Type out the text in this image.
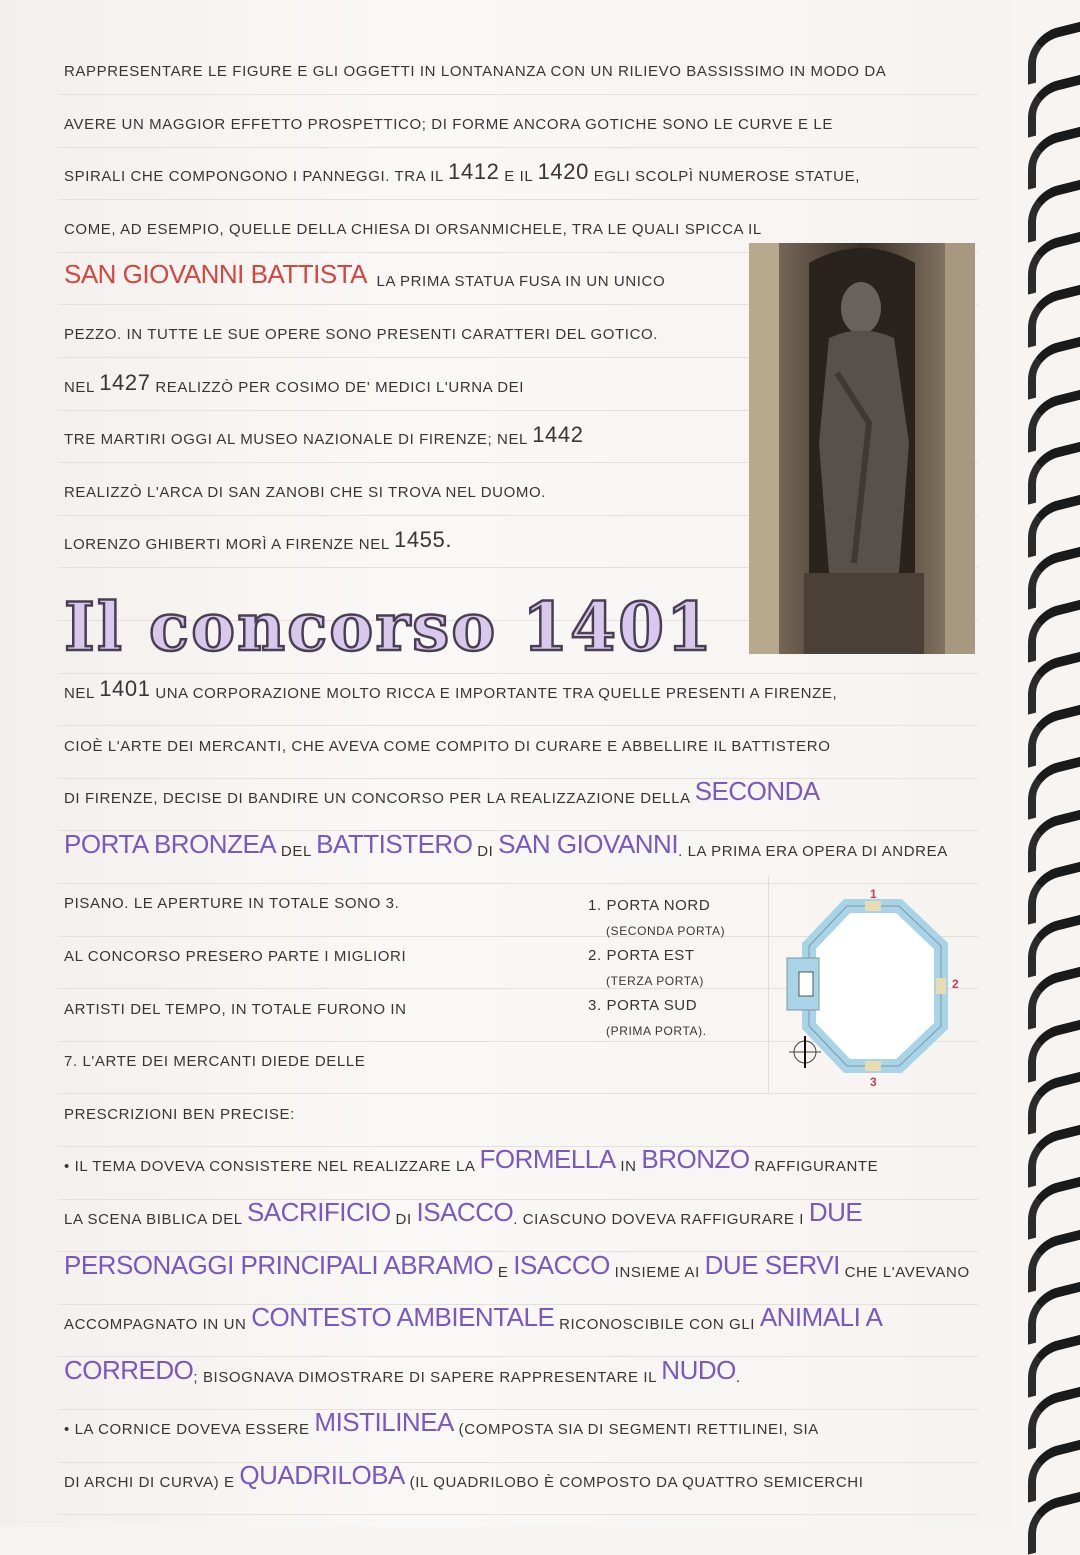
RAPPRESENTARE LE FIGURE E GLI OGGETTI IN LONTANANZA CON UN RILIEVO BASSISSIMO IN MODO DA
AVERE UN MAGGIOR EFFETTO PROSPETTICO; DI FORME ANCORA GOTICHE SONO LE CURVE E LE
SPIRALI CHE COMPONGONO I PANNEGGI. TRA IL 1412 E IL 1420 EGLI SCOLPÌ NUMEROSE STATUE,
COME, AD ESEMPIO, QUELLE DELLA CHIESA DI ORSANMICHELE, TRA LE QUALI SPICCA IL
SAN GIOVANNI BATTISTA LA PRIMA STATUA FUSA IN UN UNICO
PEZZO. IN TUTTE LE SUE OPERE SONO PRESENTI CARATTERI DEL GOTICO.
NEL 1427 REALIZZÒ PER COSIMO DE' MEDICI L'URNA DEI
TRE MARTIRI OGGI AL MUSEO NAZIONALE DI FIRENZE; NEL 1442
REALIZZÒ L'ARCA DI SAN ZANOBI CHE SI TROVA NEL DUOMO.
LORENZO GHIBERTI MORÌ A FIRENZE NEL 1455.
Il concorso 1401
NEL 1401 UNA CORPORAZIONE MOLTO RICCA E IMPORTANTE TRA QUELLE PRESENTI A FIRENZE,
CIOÈ L'ARTE DEI MERCANTI, CHE AVEVA COME COMPITO DI CURARE E ABBELLIRE IL BATTISTERO
DI FIRENZE, DECISE DI BANDIRE UN CONCORSO PER LA REALIZZAZIONE DELLA SECONDA
PORTA BRONZEA DEL BATTISTERO DI SAN GIOVANNI . LA PRIMA ERA OPERA DI ANDREA
PISANO. LE APERTURE IN TOTALE SONO 3.
AL CONCORSO PRESERO PARTE I MIGLIORI
ARTISTI DEL TEMPO, IN TOTALE FURONO IN
7. L'ARTE DEI MERCANTI DIEDE DELLE
PRESCRIZIONI BEN PRECISE:
• IL TEMA DOVEVA CONSISTERE NEL REALIZZARE LA FORMELLA IN BRONZO RAFFIGURANTE
LA SCENA BIBLICA DEL SACRIFICIO DI ISACCO . CIASCUNO DOVEVA RAFFIGURARE I DUE
PERSONAGGI PRINCIPALI ABRAMO E ISACCO INSIEME AI DUE SERVI CHE L'AVEVANO
ACCOMPAGNATO IN UN CONTESTO AMBIENTALE RICONOSCIBILE CON GLI ANIMALI A
CORREDO ; BISOGNAVA DIMOSTRARE DI SAPERE RAPPRESENTARE IL NUDO .
• LA CORNICE DOVEVA ESSERE MISTILINEA (COMPOSTA SIA DI SEGMENTI RETTILINEI, SIA
DI ARCHI DI CURVA) E QUADRILOBA (IL QUADRILOBO È COMPOSTO DA QUATTRO SEMICERCHI
1. PORTA NORD
(SECONDA PORTA)
2. PORTA EST
(TERZA PORTA)
3. PORTA SUD
(PRIMA PORTA).
1
2
3
